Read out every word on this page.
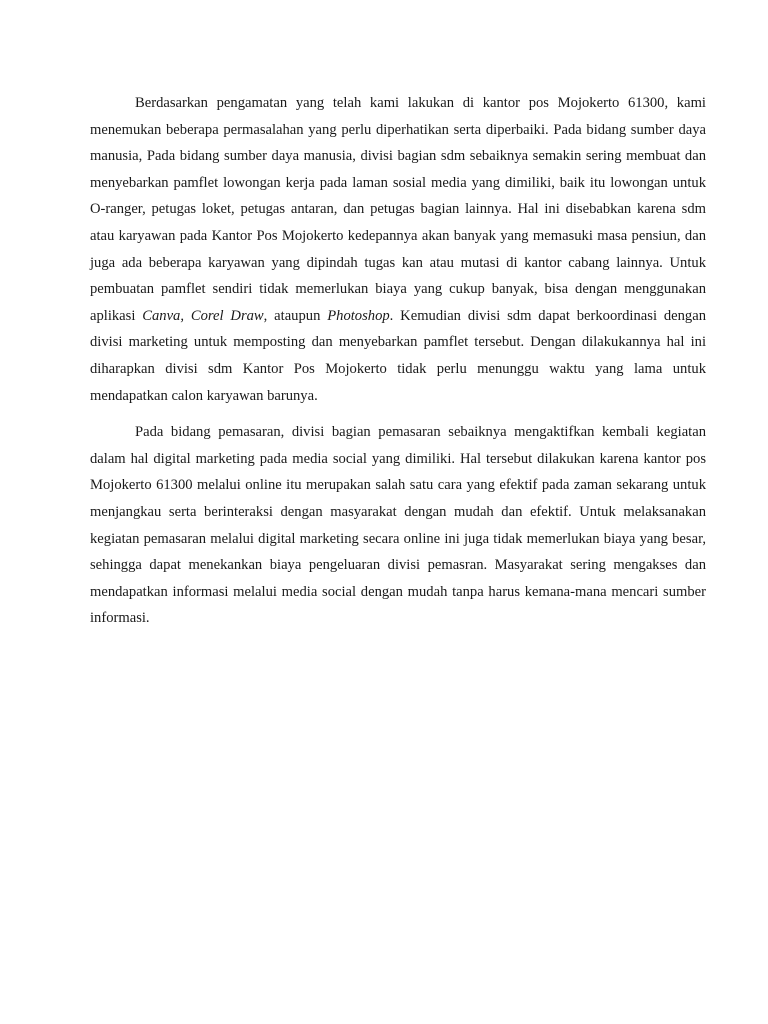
Berdasarkan pengamatan yang telah kami lakukan di kantor pos Mojokerto 61300, kami menemukan beberapa permasalahan yang perlu diperhatikan serta diperbaiki. Pada bidang sumber daya manusia, Pada bidang sumber daya manusia, divisi bagian sdm sebaiknya semakin sering membuat dan menyebarkan pamflet lowongan kerja pada laman sosial media yang dimiliki, baik itu lowongan untuk O-ranger, petugas loket, petugas antaran, dan petugas bagian lainnya. Hal ini disebabkan karena sdm atau karyawan pada Kantor Pos Mojokerto kedepannya akan banyak yang memasuki masa pensiun, dan juga ada beberapa karyawan yang dipindah tugas kan atau mutasi di kantor cabang lainnya. Untuk pembuatan pamflet sendiri tidak memerlukan biaya yang cukup banyak, bisa dengan menggunakan aplikasi Canva, Corel Draw, ataupun Photoshop. Kemudian divisi sdm dapat berkoordinasi dengan divisi marketing untuk memposting dan menyebarkan pamflet tersebut. Dengan dilakukannya hal ini diharapkan divisi sdm Kantor Pos Mojokerto tidak perlu menunggu waktu yang lama untuk mendapatkan calon karyawan barunya.

Pada bidang pemasaran, divisi bagian pemasaran sebaiknya mengaktifkan kembali kegiatan dalam hal digital marketing pada media social yang dimiliki. Hal tersebut dilakukan karena kantor pos Mojokerto 61300 melalui online itu merupakan salah satu cara yang efektif pada zaman sekarang untuk menjangkau serta berinteraksi dengan masyarakat dengan mudah dan efektif. Untuk melaksanakan kegiatan pemasaran melalui digital marketing secara online ini juga tidak memerlukan biaya yang besar, sehingga dapat menekankan biaya pengeluaran divisi pemasran. Masyarakat sering mengakses dan mendapatkan informasi melalui media social dengan mudah tanpa harus kemana-mana mencari sumber informasi.
